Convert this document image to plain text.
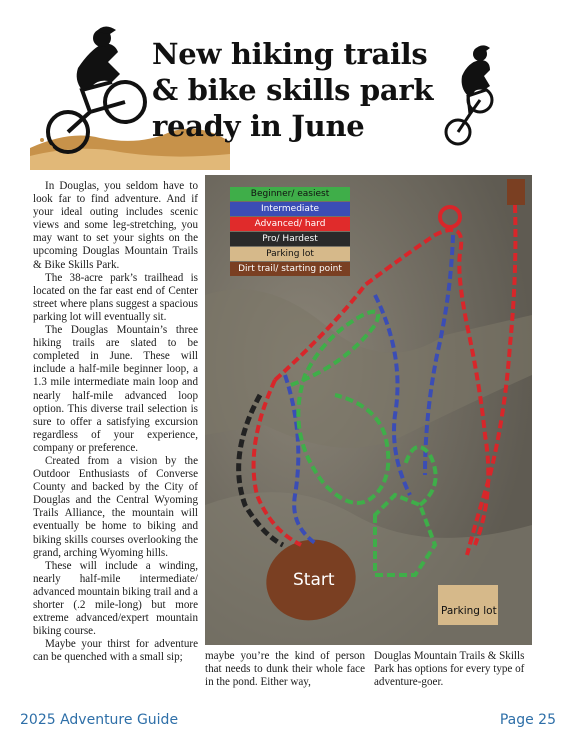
New hiking trails
& bike skills park
ready in June

In Douglas, you seldom have to look far to find adventure. And if your ideal outing includes scenic views and some leg-stretching, you may want to set your sights on the upcoming Douglas Mountain Trails & Bike Skills Park.

The 38-acre park’s trailhead is located on the far east end of Center street where plans suggest a spacious parking lot will eventually sit.

The Douglas Mountain’s three hiking trails are slated to be completed in June. These will include a half-mile beginner loop, a 1.3 mile intermediate main loop and nearly half-mile advanced loop option. This diverse trail selection is sure to offer a satisfying excursion regardless of your experience, company or preference.

Created from a vision by the Outdoor Enthusiasts of Converse County and backed by the City of Douglas and the Central Wyoming Trails Alliance, the mountain will eventually be home to biking and biking skills courses overlooking the grand, arching Wyoming hills.

These will include a winding, nearly half-mile intermediate/ advanced mountain biking trail and a shorter (.2 mile-long) but more extreme advanced/expert mountain biking course.

Maybe your thirst for adventure can be quenched with a small sip;

Beginner/ easiest
Intermediate
Advanced/ hard
Pro/ Hardest
Parking lot
Dirt trail/ starting point
Start
Parking lot
maybe you’re the kind of person that needs to dunk their whole face in the pond. Either way,
Douglas Mountain Trails & Skills Park has options for every type of adventure-goer.
2025 Adventure Guide	Page 25
